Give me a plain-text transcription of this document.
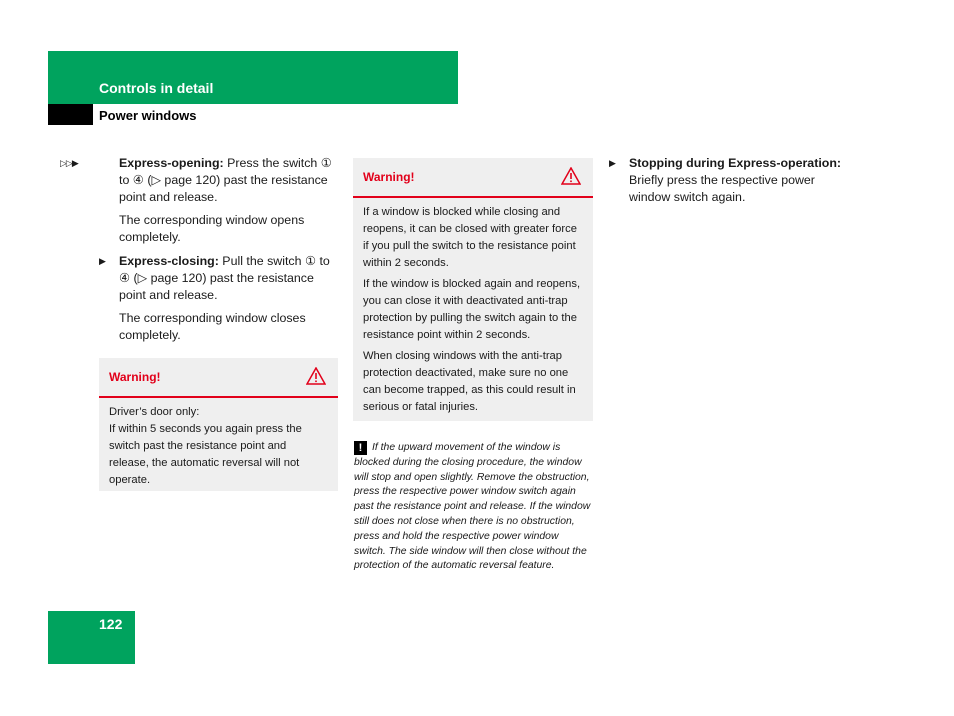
Controls in detail
Power windows
▷▷▶	Express-opening: Press the switch ① to ④ (▷ page 120) past the resistance point and release.

The corresponding window opens completely.

▶ Express-closing: Pull the switch ① to ④ (▷ page 120) past the resistance point and release.

The corresponding window closes completely.

Warning!
Driver’s door only:
If within 5 seconds you again press the switch past the resistance point and release, the automatic reversal will not operate.
Warning!

If a window is blocked while closing and reopens, it can be closed with greater force if you pull the switch to the resistance point within 2 seconds.

If the window is blocked again and reopens, you can close it with deactivated anti-trap protection by pulling the switch again to the resistance point within 2 seconds.

When closing windows with the anti-trap protection deactivated, make sure no one can become trapped, as this could result in serious or fatal injuries.

! If the upward movement of the window is blocked during the closing procedure, the window will stop and open slightly. Remove the obstruction, press the respective power window switch again past the resistance point and release. If the window still does not close when there is no obstruction, press and hold the respective power window switch. The side window will then close without the protection of the automatic reversal feature.
▶ Stopping during Express-operation:
Briefly press the respective power window switch again.
122
